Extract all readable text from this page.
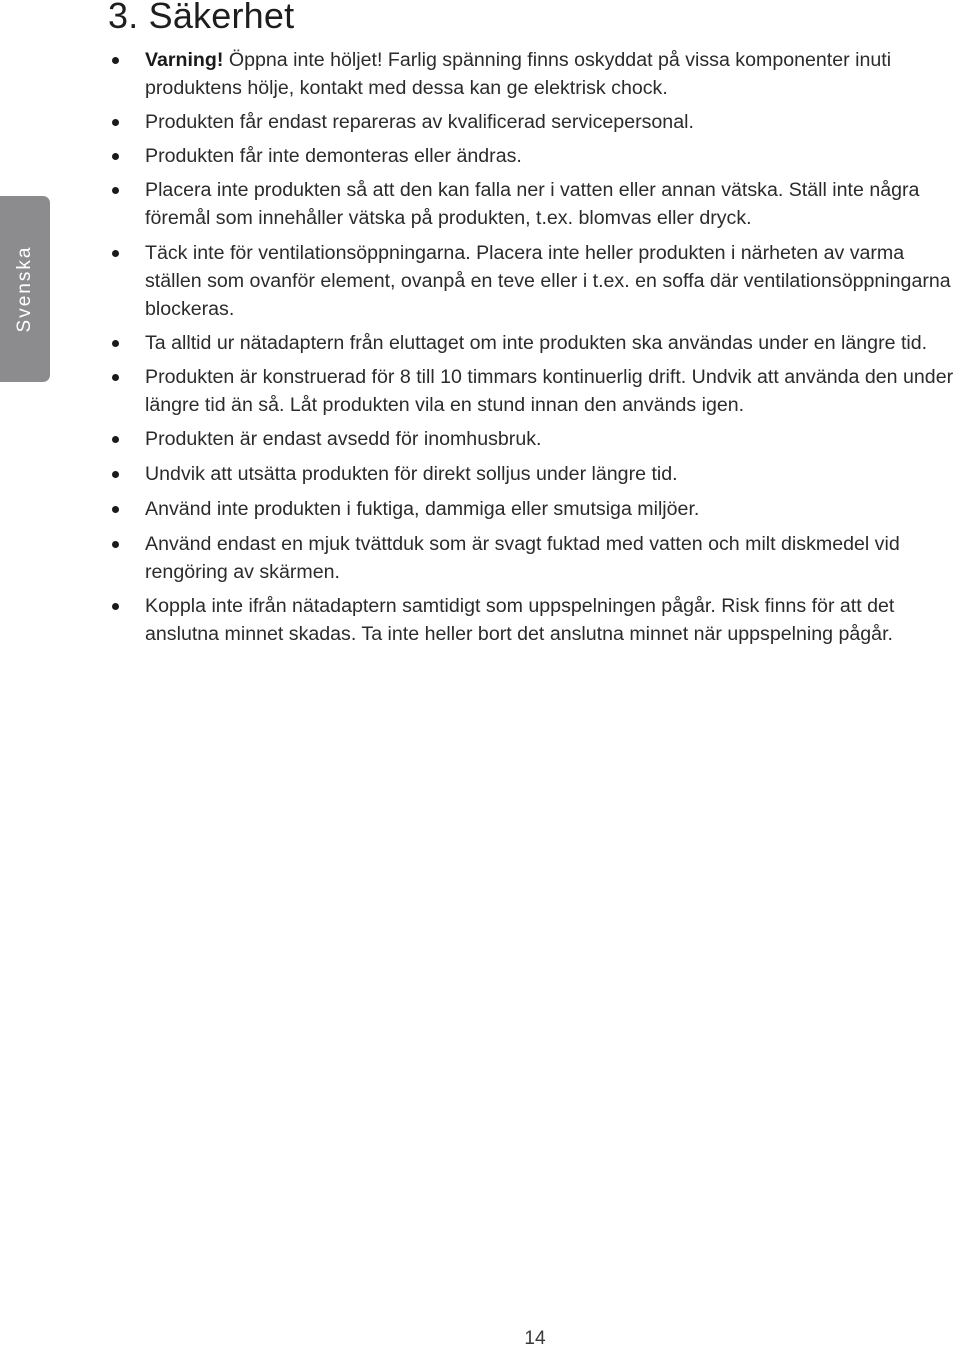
3. Säkerhet
Svenska
Varning! Öppna inte höljet! Farlig spänning finns oskyddat på vissa komponenter inuti produktens hölje, kontakt med dessa kan ge elektrisk chock.
Produkten får endast repareras av kvalificerad servicepersonal.
Produkten får inte demonteras eller ändras.
Placera inte produkten så att den kan falla ner i vatten eller annan vätska. Ställ inte några föremål som innehåller vätska på produkten, t.ex. blomvas eller dryck.
Täck inte för ventilationsöppningarna. Placera inte heller produkten i närheten av varma ställen som ovanför element, ovanpå en teve eller i t.ex. en soffa där ventilationsöppningarna blockeras.
Ta alltid ur nätadaptern från eluttaget om inte produkten ska användas under en längre tid.
Produkten är konstruerad för 8 till 10 timmars kontinuerlig drift. Undvik att använda den under längre tid än så. Låt produkten vila en stund innan den används igen.
Produkten är endast avsedd för inomhusbruk.
Undvik att utsätta produkten för direkt solljus under längre tid.
Använd inte produkten i fuktiga, dammiga eller smutsiga miljöer.
Använd endast en mjuk tvättduk som är svagt fuktad med vatten och milt diskmedel vid rengöring av skärmen.
Koppla inte ifrån nätadaptern samtidigt som uppspelningen pågår. Risk finns för att det anslutna minnet skadas. Ta inte heller bort det anslutna minnet när uppspelning pågår.
14
